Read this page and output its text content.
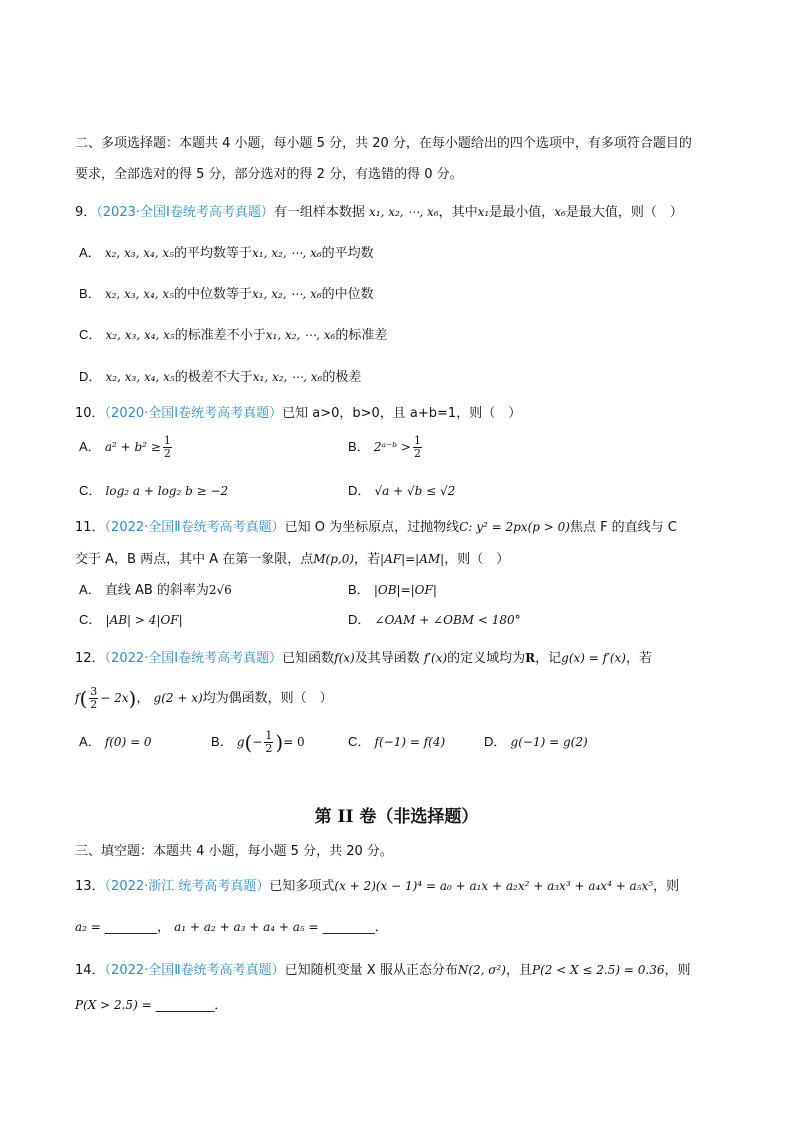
二、多项选择题：本题共 4 小题，每小题 5 分，共 20 分，在每小题给出的四个选项中，有多项符合题目的
要求，全部选对的得 5 分，部分选对的得 2 分，有选错的得 0 分。
9．（2023·全国Ⅰ卷统考高考真题）有一组样本数据 x₁, x₂, ⋯, x₆，其中x₁是最小值，x₆是最大值，则（　）
A． x₂, x₃, x₄, x₅的平均数等于x₁, x₂, ⋯, x₆的平均数
B． x₂, x₃, x₄, x₅的中位数等于x₁, x₂, ⋯, x₆的中位数
C． x₂, x₃, x₄, x₅的标准差不小于x₁, x₂, ⋯, x₆的标准差
D． x₂, x₃, x₄, x₅的极差不大于x₁, x₂, ⋯, x₆的极差
10．（2020·全国Ⅰ卷统考高考真题）已知 a>0，b>0，且 a+b=1，则（　）
A． $a^2 + b^2 \ge \frac{1}{2}$	B． 2ᵃ⁻ᵇ > $\frac{1}{2}$
C． log₂ a + log₂ b ≥ −2	D． √a + √b ≤ √2
11．（2022·全国Ⅱ卷统考高考真题）已知 O 为坐标原点，过抛物线C: y² = 2px(p > 0)焦点 F 的直线与 C
交于 A，B 两点，其中 A 在第一象限，点M(p,0)，若|AF|=|AM|，则（　）
A． 直线 AB 的斜率为2√6	B． |OB|=|OF|
C． |AB| > 4|OF|	D． ∠OAM + ∠OBM < 180°
12．（2022·全国Ⅰ卷统考高考真题）已知函数f(x)及其导函数 f′(x)的定义域均为R，记g(x) = f′(x)，若
$f( \frac{3}{2} - 2x)$， g(2 + x)均为偶函数，则（　）
A． f(0) = 0	B． $g(- \frac{1}{2}$ )= 0	C． f(−1) = f(4)	D． g(−1) = g(2)
第 II 卷（非选择题）
三、填空题：本题共 4 小题，每小题 5 分，共 20 分。
13．（2022·浙江 统考高考真题）已知多项式(x + 2)(x − 1)⁴ = a₀ + a₁x + a₂x² + a₃x³ + a₄x⁴ + a₅x⁵，则
a₂ = ________， a₁ + a₂ + a₃ + a₄ + a₅ = ________．
14．（2022·全国Ⅱ卷统考高考真题）已知随机变量 X 服从正态分布N(2, σ²)，且P(2 < X ≤ 2.5) = 0.36，则
P(X > 2.5) = _________．
